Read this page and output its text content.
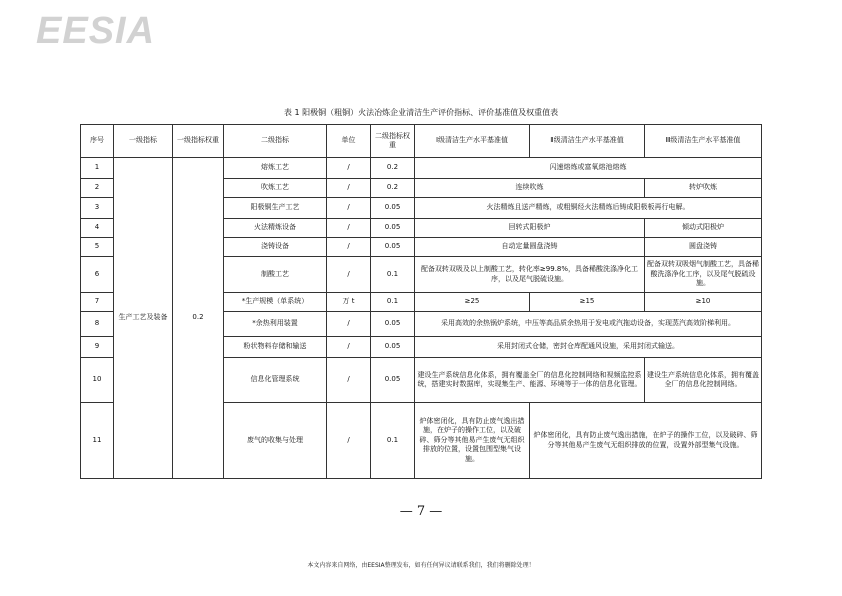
EESIA
表 1 阳极铜（粗铜）火法冶炼企业清洁生产评价指标、评价基准值及权重值表
序号	一级指标	一级指标权重	二级指标	单位	二级指标权重	Ⅰ级清洁生产水平基准值	Ⅱ级清洁生产水平基准值	Ⅲ级清洁生产水平基准值
1	生产工艺及装备	0.2	熔炼工艺	/	0.2	闪速熔炼或富氧熔池熔炼		
2			吹炼工艺	/	0.2	连续吹炼		转炉吹炼
3			阳极铜生产工艺	/	0.05	火法精炼且送产精炼，或粗铜经火法精炼后铸成阳极板再行电解。		
4			火法精炼设备	/	0.05	回转式阳极炉		倾动式阳极炉
5			浇铸设备	/	0.05	自动定量圆盘浇铸		圆盘浇铸
6			制酸工艺	/	0.1	配备双转双吸及以上制酸工艺，转化率≥99.8%，具备稀酸洗涤净化工序，以及尾气脱硫设施。		配备双转双吸烟气制酸工艺，具备稀酸洗涤净化工序，以及尾气脱硫设施。
7			*生产规模（单系统）	万 t	0.1	≥25	≥15	≥10
8			*余热利用装置	/	0.05	采用高效的余热锅炉系统，中压等高品质余热用于发电或汽拖动设备，实现蒸汽高效阶梯利用。		
9			粉状物料存储和输送	/	0.05	采用封闭式仓储，密封仓库配通风设施，采用封闭式输送。		
10			信息化管理系统	/	0.05	建设生产系统信息化体系，拥有覆盖全厂的信息化控制网络和视频监控系统，搭建实时数据库，实现集生产、能源、环境等于一体的信息化管理。		建设生产系统信息化体系，拥有覆盖全厂的信息化控制网络。
11			废气的收集与处理	/	0.1	炉体密闭化，具有防止废气逸出措施，在炉子的操作工位，以及破碎、筛分等其他易产生废气无组织排放的位置，设置包围型集气设施。	炉体密闭化，具有防止废气逸出措施，在炉子的操作工位，以及破碎、筛分等其他易产生废气无组织排放的位置，设置外部型集气设施。	
— 7 —
本文内容来自网络，由EESIA整理发布，如有任何异议请联系我们，我们将删除处理！
